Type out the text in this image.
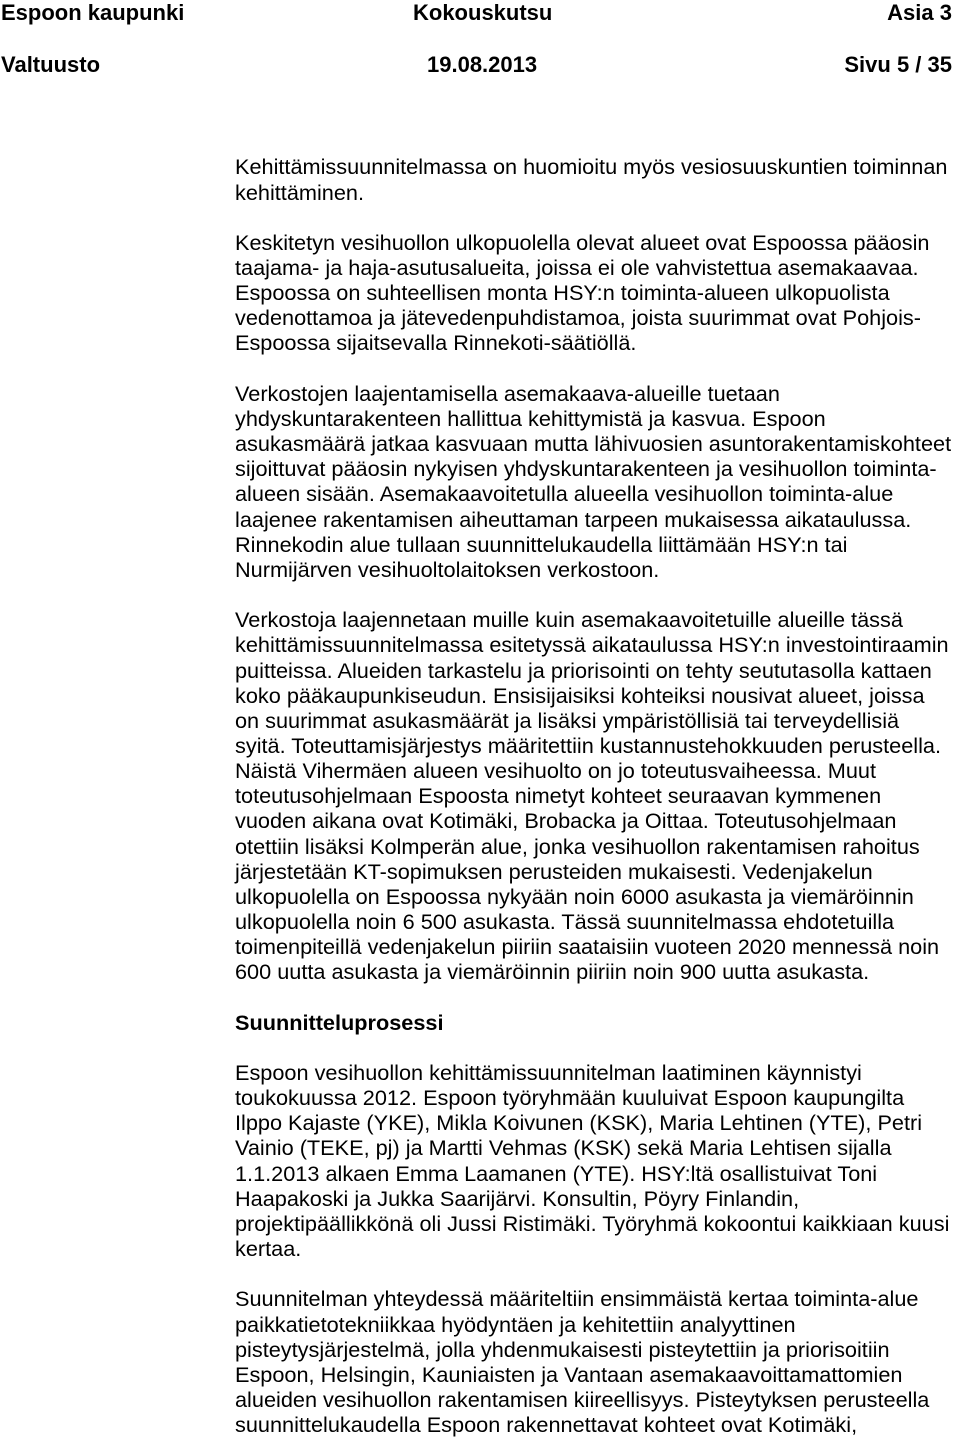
Espoon kaupunki	Kokouskutsu	Asia 3
Valtuusto	19.08.2013	Sivu 5 / 35
Kehittämissuunnitelmassa on huomioitu myös vesiosuuskuntien toiminnan
kehittäminen.
Keskitetyn vesihuollon ulkopuolella olevat alueet ovat Espoossa pääosin
taajama- ja haja-asutusalueita, joissa ei ole vahvistettua asemakaavaa.
Espoossa on suhteellisen monta HSY:n toiminta-alueen ulkopuolista
vedenottamoa ja jätevedenpuhdistamoa, joista suurimmat ovat Pohjois-
Espoossa sijaitsevalla Rinnekoti-säätiöllä.
Verkostojen laajentamisella asemakaava-alueille tuetaan
yhdyskuntarakenteen hallittua kehittymistä ja kasvua. Espoon
asukasmäärä jatkaa kasvuaan mutta lähivuosien asuntorakentamiskohteet
sijoittuvat pääosin nykyisen yhdyskuntarakenteen ja vesihuollon toiminta-
alueen sisään. Asemakaavoitetulla alueella vesihuollon toiminta-alue
laajenee rakentamisen aiheuttaman tarpeen mukaisessa aikataulussa.
Rinnekodin alue tullaan suunnittelukaudella liittämään HSY:n tai
Nurmijärven vesihuoltolaitoksen verkostoon.
Verkostoja laajennetaan muille kuin asemakaavoitetuille alueille tässä
kehittämissuunnitelmassa esitetyssä aikataulussa HSY:n investointiraamin
puitteissa. Alueiden tarkastelu ja priorisointi on tehty seututasolla kattaen
koko pääkaupunkiseudun. Ensisijaisiksi kohteiksi nousivat alueet, joissa
on suurimmat asukasmäärät ja lisäksi ympäristöllisiä tai terveydellisiä
syitä. Toteuttamisjärjestys määritettiin kustannustehokkuuden perusteella.
Näistä Vihermäen alueen vesihuolto on jo toteutusvaiheessa. Muut
toteutusohjelmaan Espoosta nimetyt kohteet seuraavan kymmenen
vuoden aikana ovat Kotimäki, Brobacka ja Oittaa. Toteutusohjelmaan
otettiin lisäksi Kolmperän alue, jonka vesihuollon rakentamisen rahoitus
järjestetään KT-sopimuksen perusteiden mukaisesti. Vedenjakelun
ulkopuolella on Espoossa nykyään noin 6000 asukasta ja viemäröinnin
ulkopuolella noin 6 500 asukasta. Tässä suunnitelmassa ehdotetuilla
toimenpiteillä vedenjakelun piiriin saataisiin vuoteen 2020 mennessä noin
600 uutta asukasta ja viemäröinnin piiriin noin 900 uutta asukasta.
Suunnitteluprosessi
Espoon vesihuollon kehittämissuunnitelman laatiminen käynnistyi
toukokuussa 2012. Espoon työryhmään kuuluivat Espoon kaupungilta
Ilppo Kajaste (YKE), Mikla Koivunen (KSK), Maria Lehtinen (YTE), Petri
Vainio (TEKE, pj) ja Martti Vehmas (KSK) sekä Maria Lehtisen sijalla
1.1.2013 alkaen Emma Laamanen (YTE). HSY:ltä osallistuivat Toni
Haapakoski ja Jukka Saarijärvi. Konsultin, Pöyry Finlandin,
projektipäällikkönä oli Jussi Ristimäki. Työryhmä kokoontui kaikkiaan kuusi
kertaa.
Suunnitelman yhteydessä määriteltiin ensimmäistä kertaa toiminta-alue
paikkatietotekniikkaa hyödyntäen ja kehitettiin analyyttinen
pisteytysjärjestelmä, jolla yhdenmukaisesti pisteytettiin ja priorisoitiin
Espoon, Helsingin, Kauniaisten ja Vantaan asemakaavoittamattomien
alueiden vesihuollon rakentamisen kiireellisyys. Pisteytyksen perusteella
suunnittelukaudella Espoon rakennettavat kohteet ovat Kotimäki,
